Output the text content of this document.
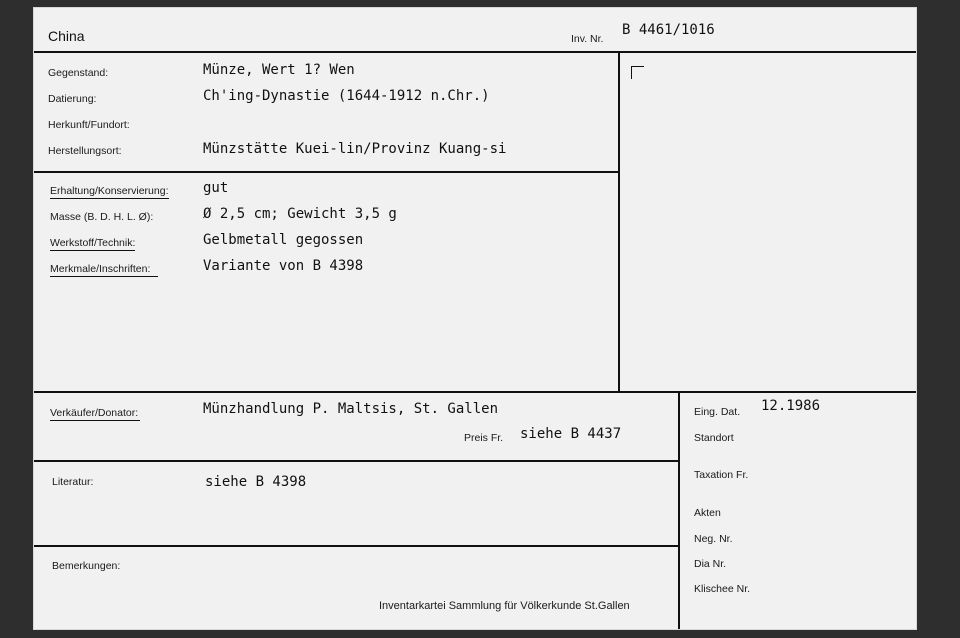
China	Inv. Nr.
B 4461/1016
Gegenstand:	Münze, Wert 1? Wen
Datierung:	Ch'ing-Dynastie (1644-1912 n.Chr.)
Herkunft/Fundort:
Herstellungsort:	Münzstätte Kuei-lin/Provinz Kuang-si
Erhaltung/Konservierung: gut
Masse (B. D. H. L. Ø):	Ø 2,5 cm; Gewicht 3,5 g
Werkstoff/Technik:	Gelbmetall gegossen
Merkmale/Inschriften:	Variante von B 4398
Verkäufer/Donator:	Münzhandlung P. Maltsis, St. Gallen
Preis Fr. siehe B 4437
Literatur:	siehe B 4398
Bemerkungen:
Inventarkartei Sammlung für Völkerkunde St.Gallen
Eing. Dat. 12.1986
Standort
Taxation Fr.
Akten
Neg. Nr.
Dia Nr.
Klischee Nr.
